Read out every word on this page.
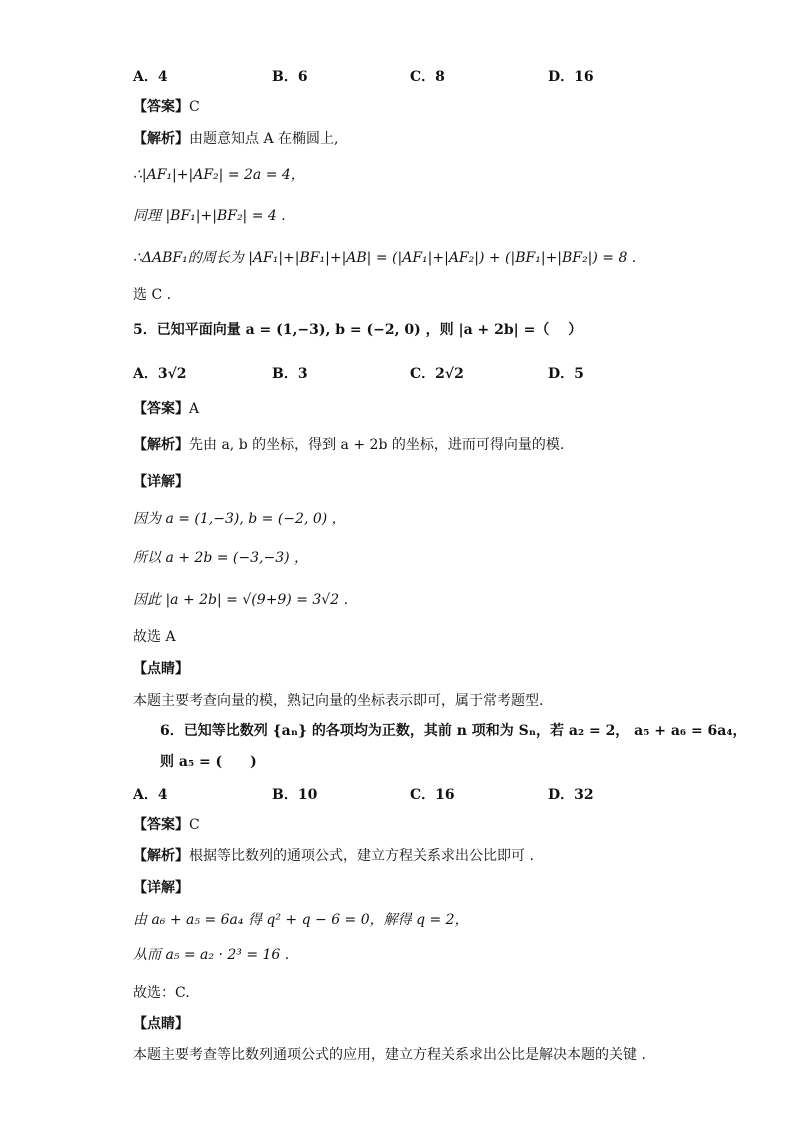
A．4	B．6	C．8	D．16
【答案】C
【解析】由题意知点 A 在椭圆上,
∴|AF₁|+|AF₂| = 2a = 4，
同理 |BF₁|+|BF₂| = 4 .
∴ΔABF₁的周长为 |AF₁|+|BF₁|+|AB| = (|AF₁|+|AF₂|) + (|BF₁|+|BF₂|) = 8 .
选 C .
5．已知平面向量 a = (1,−3), b = (−2, 0) ，则 |a + 2b| =（　 ）
A．3√2	B．3	C．2√2	D．5
【答案】A
【解析】先由 a, b 的坐标，得到 a + 2b 的坐标，进而可得向量的模.
【详解】
因为 a = (1,−3), b = (−2, 0) ，
所以 a + 2b = (−3,−3) ，
因此 |a + 2b| = √(9+9) = 3√2 .
故选 A
【点睛】
本题主要考查向量的模，熟记向量的坐标表示即可，属于常考题型.
6．已知等比数列 {aₙ} 的各项均为正数，其前 n 项和为 Sₙ，若 a₂ = 2， a₅ + a₆ = 6a₄，
则 a₅ = (　　)
A．4	B．10	C．16	D．32
【答案】C
【解析】根据等比数列的通项公式，建立方程关系求出公比即可 .
【详解】
由 a₆ + a₅ = 6a₄ 得 q² + q − 6 = 0，解得 q = 2，
从而 a₅ = a₂ · 2³ = 16 .
故选：C.
【点睛】
本题主要考查等比数列通项公式的应用，建立方程关系求出公比是解决本题的关键 .
